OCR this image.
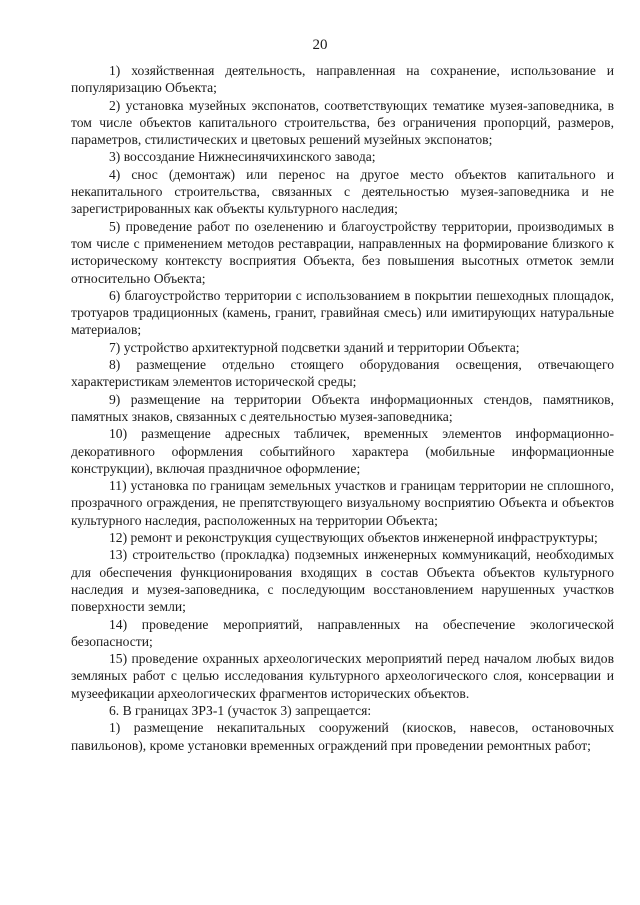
20

1) хозяйственная деятельность, направленная на сохранение, использование и популяризацию Объекта;

2) установка музейных экспонатов, соответствующих тематике музея-заповедника, в том числе объектов капитального строительства, без ограничения пропорций, размеров, параметров, стилистических и цветовых решений музейных экспонатов;

3) воссоздание Нижнесинячихинского завода;

4) снос (демонтаж) или перенос на другое место объектов капитального и некапитального строительства, связанных с деятельностью музея-заповедника и не зарегистрированных как объекты культурного наследия;

5) проведение работ по озеленению и благоустройству территории, производимых в том числе с применением методов реставрации, направленных на формирование близкого к историческому контексту восприятия Объекта, без повышения высотных отметок земли относительно Объекта;

6) благоустройство территории с использованием в покрытии пешеходных площадок, тротуаров традиционных (камень, гранит, гравийная смесь) или имитирующих натуральные материалов;

7) устройство архитектурной подсветки зданий и территории Объекта;

8) размещение отдельно стоящего оборудования освещения, отвечающего характеристикам элементов исторической среды;

9) размещение на территории Объекта информационных стендов, памятников, памятных знаков, связанных с деятельностью музея-заповедника;

10) размещение адресных табличек, временных элементов информационно-декоративного оформления событийного характера (мобильные информационные конструкции), включая праздничное оформление;

11) установка по границам земельных участков и границам территории не сплошного, прозрачного ограждения, не препятствующего визуальному восприятию Объекта и объектов культурного наследия, расположенных на территории Объекта;

12) ремонт и реконструкция существующих объектов инженерной инфраструктуры;

13) строительство (прокладка) подземных инженерных коммуникаций, необходимых для обеспечения функционирования входящих в состав Объекта объектов культурного наследия и музея-заповедника, с последующим восстановлением нарушенных участков поверхности земли;

14) проведение мероприятий, направленных на обеспечение экологической безопасности;

15) проведение охранных археологических мероприятий перед началом любых видов земляных работ с целью исследования культурного археологического слоя, консервации и музеефикации археологических фрагментов исторических объектов.

6. В границах ЗРЗ-1 (участок 3) запрещается:

1) размещение некапитальных сооружений (киосков, навесов, остановочных павильонов), кроме установки временных ограждений при проведении ремонтных работ;
